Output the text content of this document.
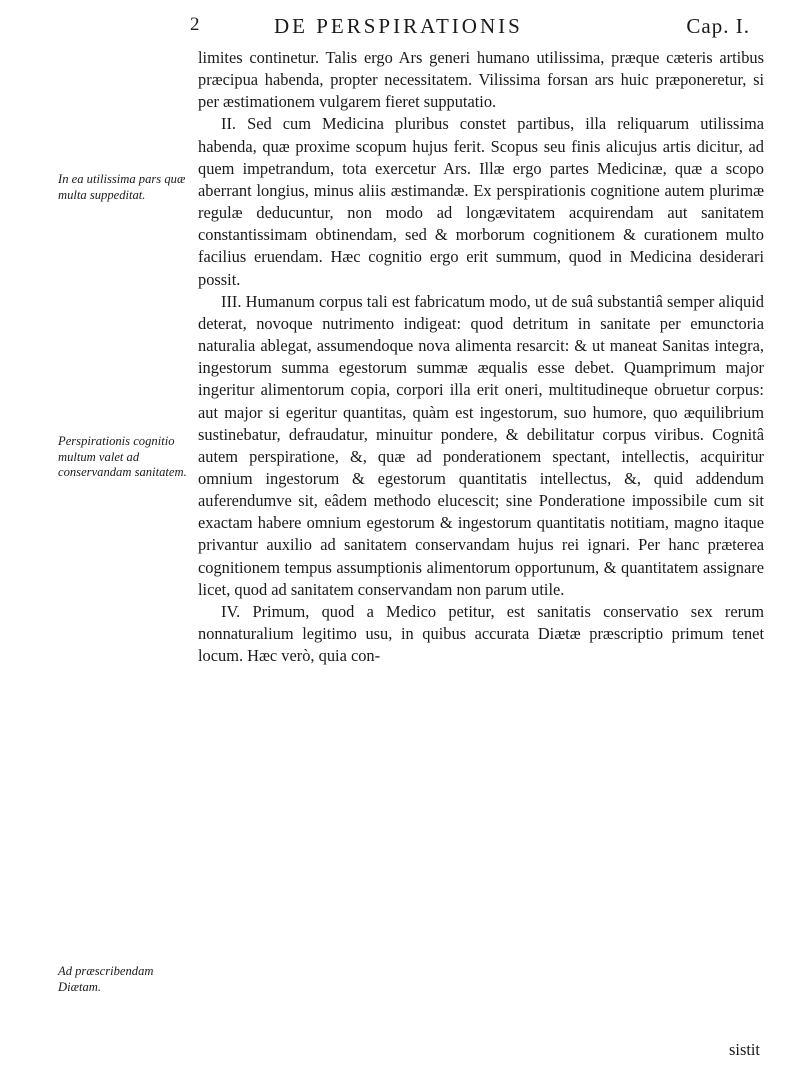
2	DE PERSPIRATIONIS	Cap. I.

limites continetur. Talis ergo Ars generi humano utilissima, præque cæteris artibus præcipua habenda, propter necessitatem. Vilissima forsan ars huic præponeretur, si per æstimationem vulgarem fieret supputatio.

II. Sed cum Medicina pluribus constet partibus, illa reliquarum utilissima habenda, quæ proxime scopum hujus ferit. Scopus seu finis alicujus artis dicitur, ad quem impetrandum, tota exercetur Ars. Illæ ergo partes Medicinæ, quæ a scopo aberrant longius, minus aliis æstimandæ. Ex perspirationis cognitione autem plurimæ regulæ deducuntur, non modo ad longævitatem acquirendam aut sanitatem constantissimam obtinendam, sed & morborum cognitionem & curationem multo facilius eruendam. Hæc cognitio ergo erit summum, quod in Medicina desiderari possit.

III. Humanum corpus tali est fabricatum modo, ut de suâ substantiâ semper aliquid deterat, novoque nutrimento indigeat: quod detritum in sanitate per emunctoria naturalia ablegat, assumendoque nova alimenta resarcit: & ut maneat Sanitas integra, ingestorum summa egestorum summæ æqualis esse debet. Quamprimum major ingeritur alimentorum copia, corpori illa erit oneri, multitudineque obruetur corpus: aut major si egeritur quantitas, quàm est ingestorum, suo humore, quo æquilibrium sustinebatur, defraudatur, minuitur pondere, & debilitatur corpus viribus. Cognitâ autem perspiratione, &, quæ ad ponderationem spectant, intellectis, acquiritur omnium ingestorum & egestorum quantitatis intellectus, &, quid addendum auferendumve sit, eâdem methodo elucescit; sine Ponderatione impossibile cum sit exactam habere omnium egestorum & ingestorum quantitatis notitiam, magno itaque privantur auxilio ad sanitatem conservandam hujus rei ignari. Per hanc præterea cognitionem tempus assumptionis alimentorum opportunum, & quantitatem assignare licet, quod ad sanitatem conservandam non parum utile.

IV. Primum, quod a Medico petitur, est sanitatis conservatio sex rerum nonnaturalium legitimo usu, in quibus accurata Diætæ præscriptio primum tenet locum. Hæc verò, quia con-

In ea utilissima pars quæ multa suppeditat.
Perspirationis cognitio multum valet ad conservandam sanitatem.
Ad præscribendam Diætam.
sistit
